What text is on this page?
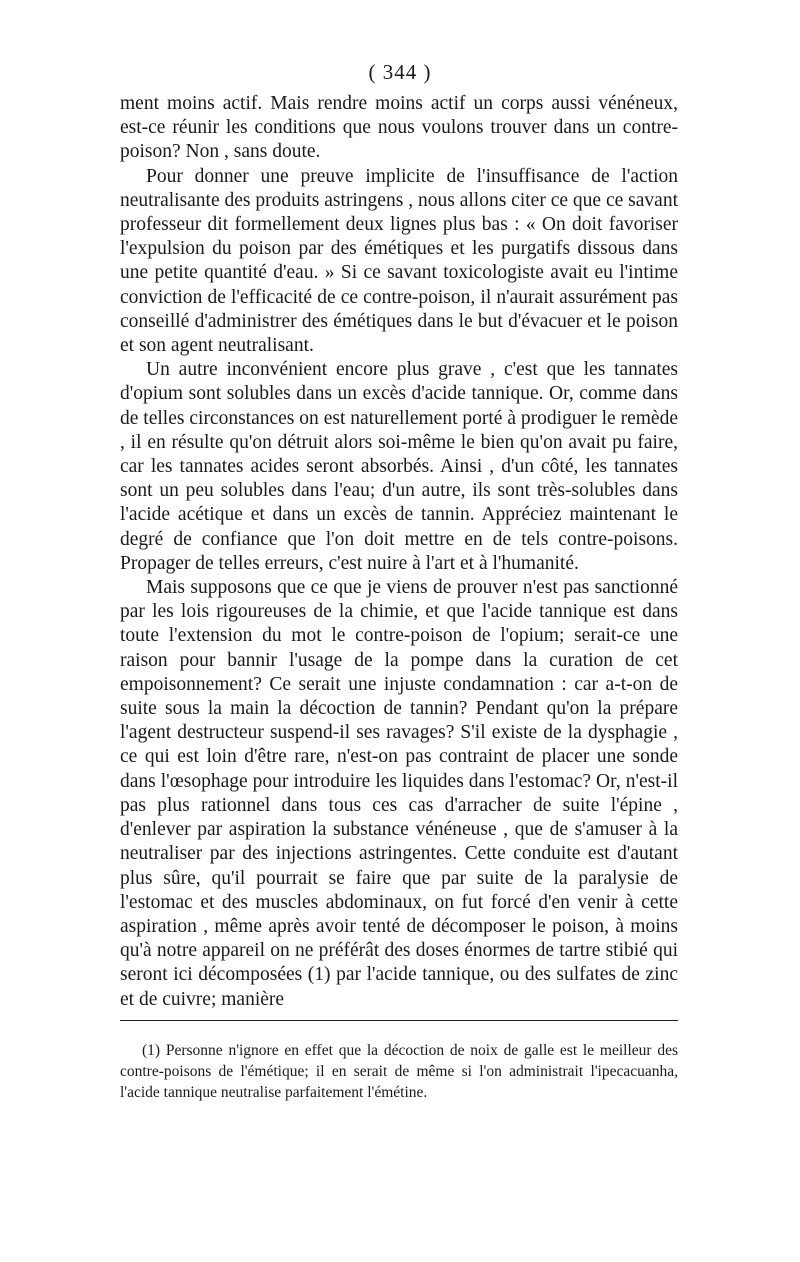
( 344 )

ment moins actif. Mais rendre moins actif un corps aussi vénéneux, est-ce réunir les conditions que nous voulons trouver dans un contre-poison? Non , sans doute.

Pour donner une preuve implicite de l'insuffisance de l'action neutralisante des produits astringens , nous allons citer ce que ce savant professeur dit formellement deux lignes plus bas : « On doit favoriser l'expulsion du poison par des émétiques et les purgatifs dissous dans une petite quantité d'eau. » Si ce savant toxicologiste avait eu l'intime conviction de l'efficacité de ce contre-poison, il n'aurait assurément pas conseillé d'administrer des émétiques dans le but d'évacuer et le poison et son agent neutralisant.

Un autre inconvénient encore plus grave , c'est que les tannates d'opium sont solubles dans un excès d'acide tannique. Or, comme dans de telles circonstances on est naturellement porté à prodiguer le remède , il en résulte qu'on détruit alors soi-même le bien qu'on avait pu faire, car les tannates acides seront absorbés. Ainsi , d'un côté, les tannates sont un peu solubles dans l'eau; d'un autre, ils sont très-solubles dans l'acide acétique et dans un excès de tannin. Appréciez maintenant le degré de confiance que l'on doit mettre en de tels contre-poisons. Propager de telles erreurs, c'est nuire à l'art et à l'humanité.

Mais supposons que ce que je viens de prouver n'est pas sanctionné par les lois rigoureuses de la chimie, et que l'acide tannique est dans toute l'extension du mot le contre-poison de l'opium; serait-ce une raison pour bannir l'usage de la pompe dans la curation de cet empoisonnement? Ce serait une injuste condamnation : car a-t-on de suite sous la main la décoction de tannin? Pendant qu'on la prépare l'agent destructeur suspend-il ses ravages? S'il existe de la dysphagie , ce qui est loin d'être rare, n'est-on pas contraint de placer une sonde dans l'œsophage pour introduire les liquides dans l'estomac? Or, n'est-il pas plus rationnel dans tous ces cas d'arracher de suite l'épine , d'enlever par aspiration la substance vénéneuse , que de s'amuser à la neutraliser par des injections astringentes. Cette conduite est d'autant plus sûre, qu'il pourrait se faire que par suite de la paralysie de l'estomac et des muscles abdominaux, on fut forcé d'en venir à cette aspiration , même après avoir tenté de décomposer le poison, à moins qu'à notre appareil on ne préférât des doses énormes de tartre stibié qui seront ici décomposées (1) par l'acide tannique, ou des sulfates de zinc et de cuivre; manière

(1) Personne n'ignore en effet que la décoction de noix de galle est le meilleur des contre-poisons de l'émétique; il en serait de même si l'on administrait l'ipecacuanha, l'acide tannique neutralise parfaitement l'émétine.
